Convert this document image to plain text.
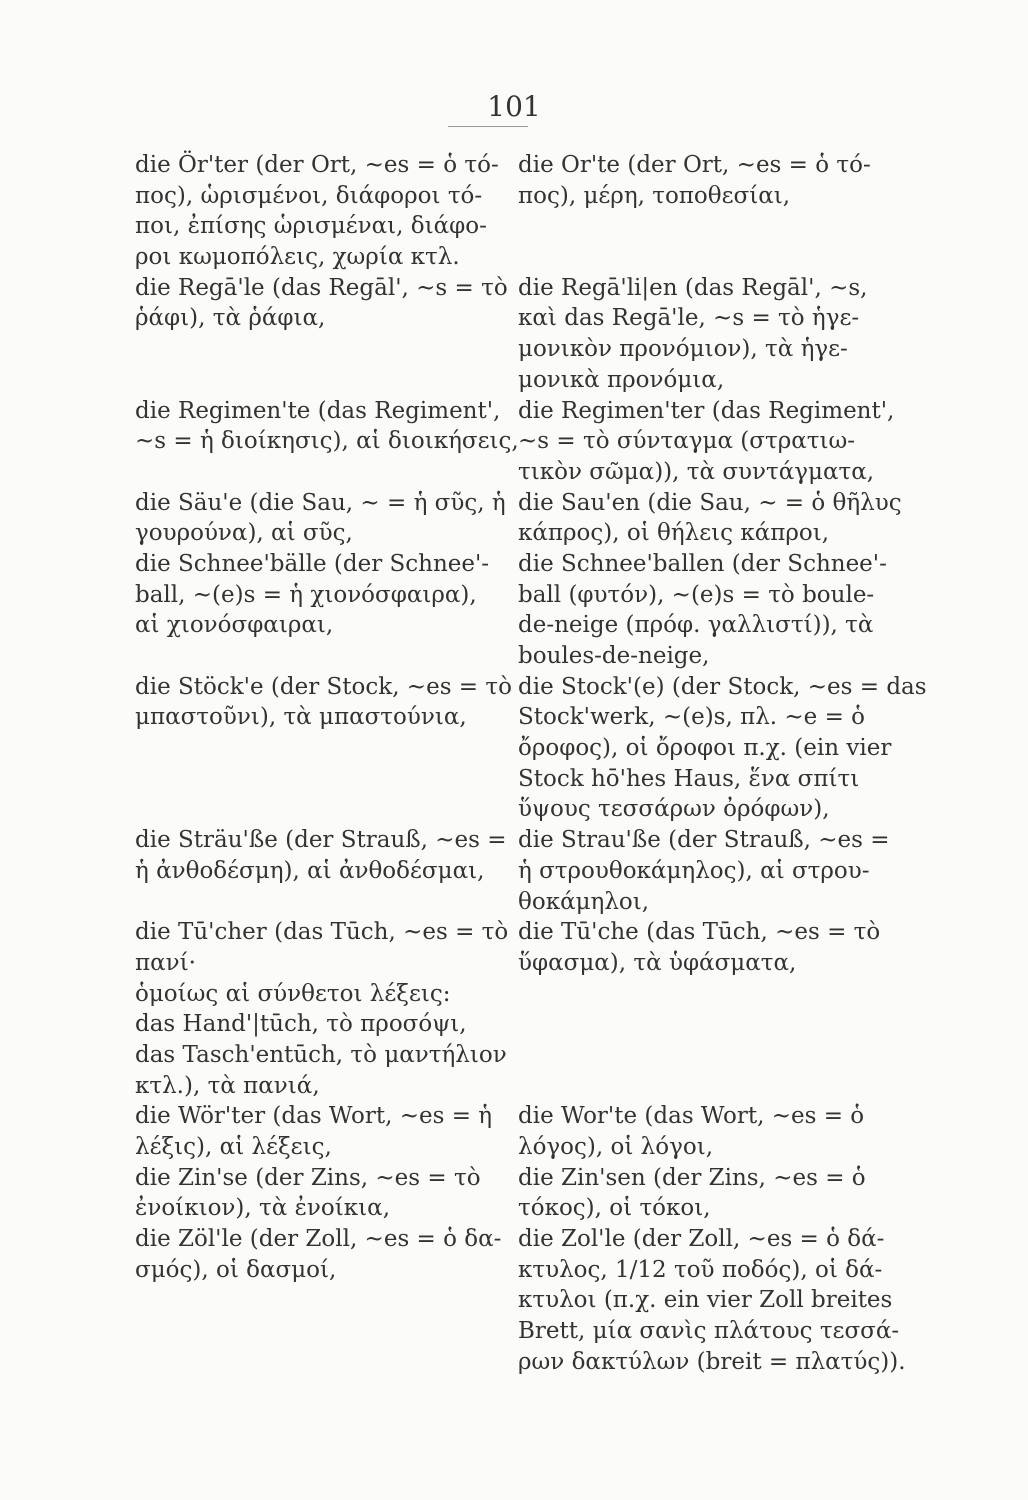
101
die Ör'ter (der Ort, ~es = ὁ τό-
πος), ὡρισμένοι, διάφοροι τό-
ποι, ἐπίσης ὡρισμέναι, διάφο-
ροι κωμοπόλεις, χωρία κτλ.
die Regā'le (das Regāl', ~s = τὸ
ῥάφι), τὰ ῥάφια,
die Regimen'te (das Regiment',
~s = ἡ διοίκησις), αἱ διοικήσεις,
die Säu'e (die Sau, ~ = ἡ σῦς, ἡ
γουρούνα), αἱ σῦς,
die Schnee'bälle (der Schnee'-
ball, ~(e)s = ἡ χιονόσφαιρα),
αἱ χιονόσφαιραι,
die Stöck'e (der Stock, ~es = τὸ
μπαστοῦνι), τὰ μπαστούνια,
die Sträu'ße (der Strauß, ~es =
ἡ ἀνθοδέσμη), αἱ ἀνθοδέσμαι,
die Tū'cher (das Tūch, ~es = τὸ
πανί·
ὁμοίως αἱ σύνθετοι λέξεις:
das Hand'|tūch, τὸ προσόψι,
das Tasch'entūch, τὸ μαντήλιον
κτλ.), τὰ πανιά,
die Wör'ter (das Wort, ~es = ἡ
λέξις), αἱ λέξεις,
die Zin'se (der Zins, ~es = τὸ
ἐνοίκιον), τὰ ἐνοίκια,
die Zöl'le (der Zoll, ~es = ὁ δα-
σμός), οἱ δασμοί,
die Or'te (der Ort, ~es = ὁ τό-
πος), μέρη, τοποθεσίαι,
die Regā'li|en (das Regāl', ~s,
καὶ das Regā'le, ~s = τὸ ἡγε-
μονικὸν προνόμιον), τὰ ἡγε-
μονικὰ προνόμια,
die Regimen'ter (das Regiment',
~s = τὸ σύνταγμα (στρατιω-
τικὸν σῶμα)), τὰ συντάγματα,
die Sau'en (die Sau, ~ = ὁ θῆλυς
κάπρος), οἱ θήλεις κάπροι,
die Schnee'ballen (der Schnee'-
ball (φυτόν), ~(e)s = τὸ boule-
de-neige (πρόφ. γαλλιστί)), τὰ
boules-de-neige,
die Stock'(e) (der Stock, ~es = das
Stock'werk, ~(e)s, πλ. ~e = ὁ
ὄροφος), οἱ ὄροφοι π.χ. (ein vier
Stock hō'hes Haus, ἕνα σπίτι
ὕψους τεσσάρων ὀρόφων),
die Strau'ße (der Strauß, ~es =
ἡ στρουθοκάμηλος), αἱ στρου-
θοκάμηλοι,
die Tū'che (das Tūch, ~es = τὸ
ὕφασμα), τὰ ὑφάσματα,
die Wor'te (das Wort, ~es = ὁ
λόγος), οἱ λόγοι,
die Zin'sen (der Zins, ~es = ὁ
τόκος), οἱ τόκοι,
die Zol'le (der Zoll, ~es = ὁ δά-
κτυλος, 1/12 τοῦ ποδός), οἱ δά-
κτυλοι (π.χ. ein vier Zoll breites
Brett, μία σανὶς πλάτους τεσσά-
ρων δακτύλων (breit = πλατύς)).
